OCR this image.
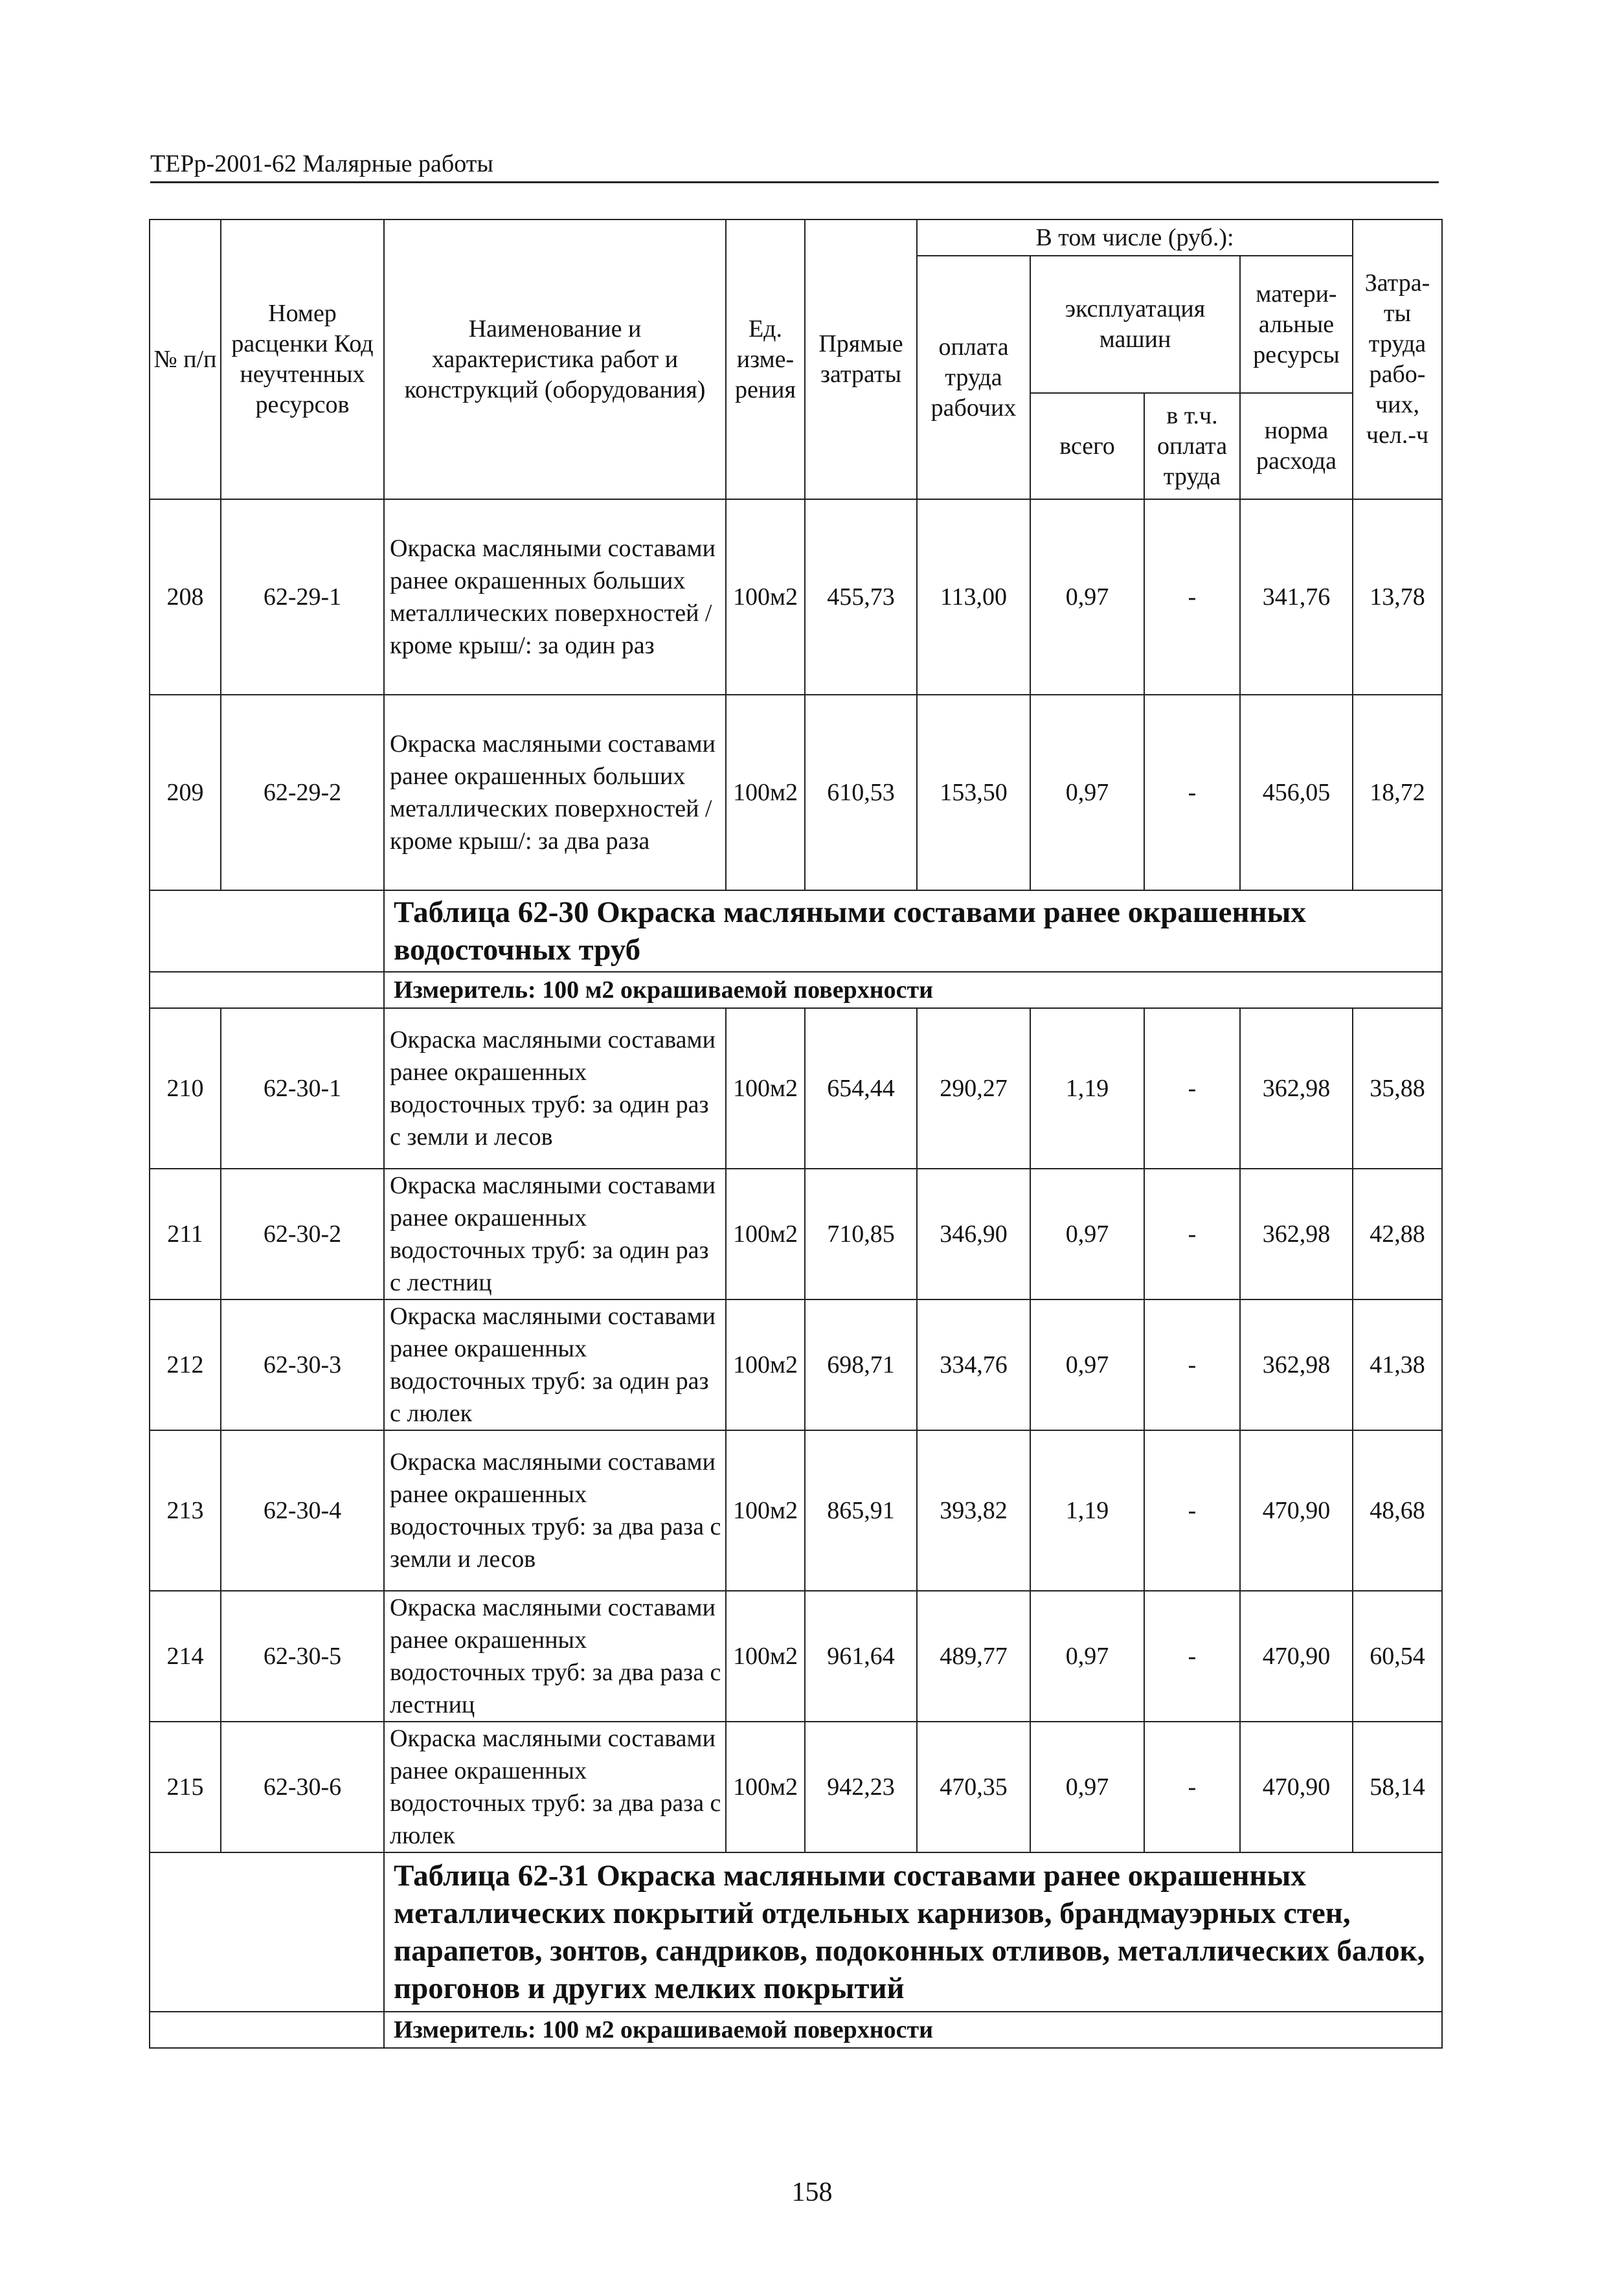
ТЕРр-2001-62 Малярные работы
№ п/п	Номер расценки Код неучтенных ресурсов	Наименование и характеристика работ и конструкций (оборудования)	Ед. изме-рения	Прямые затраты	В том числе (руб.):				Затра-ты труда рабо-чих, чел.-ч
					оплата труда рабочих	эксплуатация машин		матери-альные ресурсы	
						всего	в т.ч. оплата труда	норма расхода	

208	62-29-1	Окраска масляными составами ранее окрашенных больших металлических поверхностей /кроме крыш/: за один раз	100м2	455,73	113,00	0,97	-	341,76	13,78
209	62-29-2	Окраска масляными составами ранее окрашенных больших металлических поверхностей /кроме крыш/: за два раза	100м2	610,53	153,50	0,97	-	456,05	18,72
		Таблица 62-30 Окраска масляными составами ранее окрашенных водосточных труб							
		Измеритель: 100 м2 окрашиваемой поверхности							
210	62-30-1	Окраска масляными составами ранее окрашенных водосточных труб: за один раз с земли и лесов	100м2	654,44	290,27	1,19	-	362,98	35,88
211	62-30-2	Окраска масляными составами ранее окрашенных водосточных труб: за один раз с лестниц	100м2	710,85	346,90	0,97	-	362,98	42,88
212	62-30-3	Окраска масляными составами ранее окрашенных водосточных труб: за один раз с люлек	100м2	698,71	334,76	0,97	-	362,98	41,38
213	62-30-4	Окраска масляными составами ранее окрашенных водосточных труб: за два раза с земли и лесов	100м2	865,91	393,82	1,19	-	470,90	48,68
214	62-30-5	Окраска масляными составами ранее окрашенных водосточных труб: за два раза с лестниц	100м2	961,64	489,77	0,97	-	470,90	60,54
215	62-30-6	Окраска масляными составами ранее окрашенных водосточных труб: за два раза с люлек	100м2	942,23	470,35	0,97	-	470,90	58,14
		Таблица 62-31 Окраска масляными составами ранее окрашенных металлических покрытий отдельных карнизов, брандмауэрных стен, парапетов, зонтов, сандриков, подоконных отливов, металлических балок, прогонов и других мелких покрытий							
		Измеритель: 100 м2 окрашиваемой поверхности							
158
